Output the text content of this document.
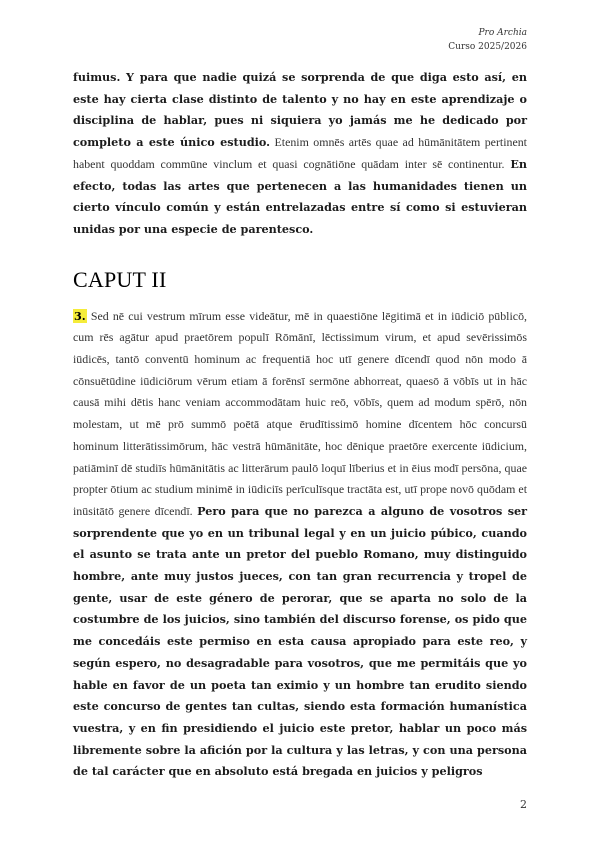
Pro Archia
Curso 2025/2026

fuimus. Y para que nadie quizá se sorprenda de que diga esto así, en este hay cierta clase distinto de talento y no hay en este aprendizaje o disciplina de hablar, pues ni siquiera yo jamás me he dedicado por completo a este único estudio. Etenim omnēs artēs quae ad hūmānitātem pertinent habent quoddam commūne vinclum et quasi cognātiōne quādam inter sē continentur. En efecto, todas las artes que pertenecen a las humanidades tienen un cierto vínculo común y están entrelazadas entre sí como si estuvieran unidas por una especie de parentesco.

CAPUT II

3. Sed nē cui vestrum mīrum esse videātur, mē in quaestiōne lēgitimā et in iūdiciō pūblicō, cum rēs agātur apud praetōrem populī Rōmānī, lēctissimum virum, et apud sevērissimōs iūdicēs, tantō conventū hominum ac frequentiā hoc utī genere dīcendī quod nōn modo ā cōnsuētūdine iūdiciōrum vērum etiam ā forēnsī sermōne abhorreat, quaesō ā vōbīs ut in hāc causā mihi dētis hanc veniam accommodātam huic reō, vōbīs, quem ad modum spērō, nōn molestam, ut mē prō summō poētā atque ērudītissimō homine dīcentem hōc concursū hominum litterātissimōrum, hāc vestrā hūmānitāte, hoc dēnique praetōre exercente iūdicium, patiāminī dē studiīs hūmānitātis ac litterārum paulō loquī līberius et in ēius modī persōna, quae propter ōtium ac studium minimē in iūdiciīs perīculīsque tractāta est, utī prope novō quōdam et inūsitātō genere dīcendī. Pero para que no parezca a alguno de vosotros ser sorprendente que yo en un tribunal legal y en un juicio púbico, cuando el asunto se trata ante un pretor del pueblo Romano, muy distinguido hombre, ante muy justos jueces, con tan gran recurrencia y tropel de gente, usar de este género de perorar, que se aparta no solo de la costumbre de los juicios, sino también del discurso forense, os pido que me concedáis este permiso en esta causa apropiado para este reo, y según espero, no desagradable para vosotros, que me permitáis que yo hable en favor de un poeta tan eximio y un hombre tan erudito siendo este concurso de gentes tan cultas, siendo esta formación humanística vuestra, y en fin presidiendo el juicio este pretor, hablar un poco más libremente sobre la afición por la cultura y las letras, y con una persona de tal carácter que en absoluto está bregada en juicios y peligros

2
